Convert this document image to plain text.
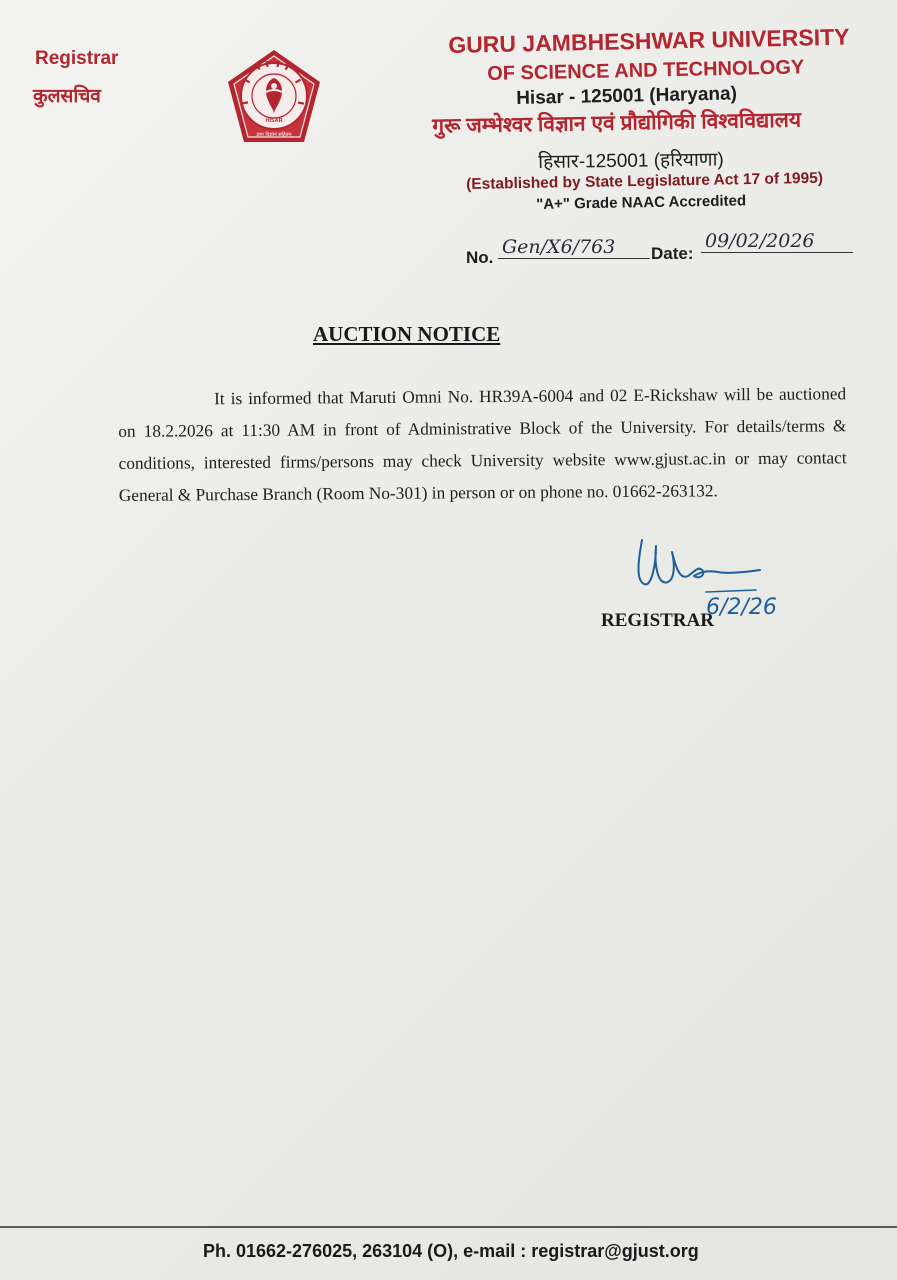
Registrar
कुलसचिव
HISAR
ज्ञान विज्ञान सहितम्
GURU JAMBHESHWAR UNIVERSITY
OF SCIENCE AND TECHNOLOGY
Hisar - 125001 (Haryana)
गुरू जम्भेश्वर विज्ञान एवं प्रौद्योगिकी विश्वविद्यालय
हिसार-125001 (हरियाणा)
(Established by State Legislature Act 17 of 1995)
"A+" Grade NAAC Accredited
No. Gen/X6/763	Date:
09/02/2026
AUCTION NOTICE
It is informed that Maruti Omni No. HR39A-6004 and 02 E-Rickshaw will be auctioned on 18.2.2026 at 11:30 AM in front of Administrative Block of the University. For details/terms & conditions, interested firms/persons may check University website www.gjust.ac.in or may contact General & Purchase Branch (Room No-301) in person or on phone no. 01662-263132.
6/2/26
REGISTRAR
Ph. 01662-276025, 263104 (O), e-mail : registrar@gjust.org
